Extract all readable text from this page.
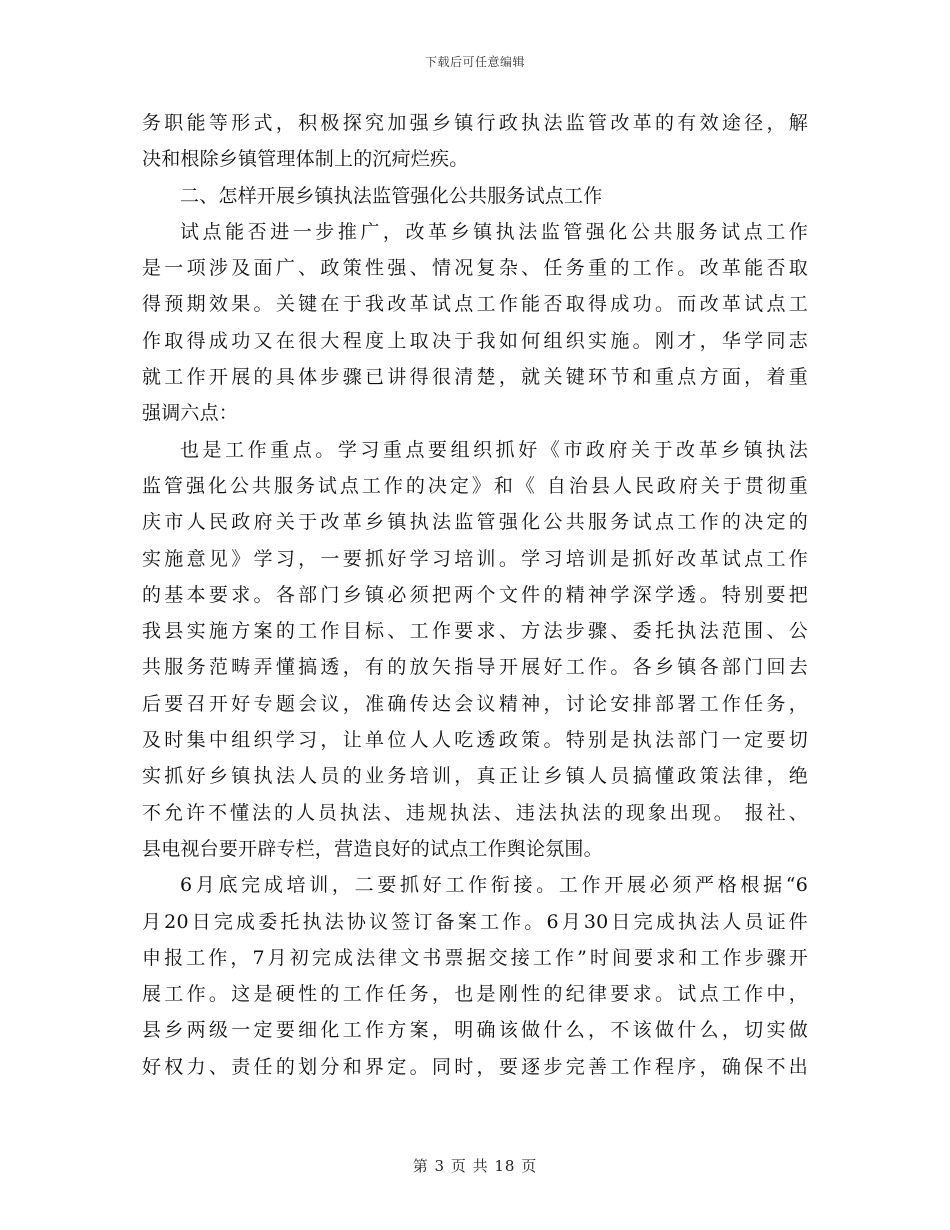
下载后可任意编辑
务职能等形式，积极探究加强乡镇行政执法监管改革的有效途径，解
决和根除乡镇管理体制上的沉疴烂疾。
二、怎样开展乡镇执法监管强化公共服务试点工作
试点能否进一步推广，改革乡镇执法监管强化公共服务试点工作
是一项涉及面广、政策性强、情况复杂、任务重的工作。改革能否取
得预期效果。关键在于我改革试点工作能否取得成功。而改革试点工
作取得成功又在很大程度上取决于我如何组织实施。刚才，华学同志
就工作开展的具体步骤已讲得很清楚，就关键环节和重点方面，着重
强调六点：
也是工作重点。学习重点要组织抓好《市政府关于改革乡镇执法
监管强化公共服务试点工作的决定》和《 自治县人民政府关于贯彻重
庆市人民政府关于改革乡镇执法监管强化公共服务试点工作的决定的
实施意见》学习，一要抓好学习培训。学习培训是抓好改革试点工作
的基本要求。各部门乡镇必须把两个文件的精神学深学透。特别要把
我县实施方案的工作目标、工作要求、方法步骤、委托执法范围、公
共服务范畴弄懂搞透，有的放矢指导开展好工作。各乡镇各部门回去
后要召开好专题会议，准确传达会议精神，讨论安排部署工作任务，
及时集中组织学习，让单位人人吃透政策。特别是执法部门一定要切
实抓好乡镇执法人员的业务培训，真正让乡镇人员搞懂政策法律，绝
不允许不懂法的人员执法、违规执法、违法执法的现象出现。 报社、
县电视台要开辟专栏，营造良好的试点工作舆论氛围。
6月底完成培训，二要抓好工作衔接。工作开展必须严格根据“6
月20日完成委托执法协议签订备案工作。6月30日完成执法人员证件
申报工作，7月初完成法律文书票据交接工作”时间要求和工作步骤开
展工作。这是硬性的工作任务，也是刚性的纪律要求。试点工作中，
县乡两级一定要细化工作方案，明确该做什么，不该做什么，切实做
好权力、责任的划分和界定。同时，要逐步完善工作程序，确保不出
第 3 页 共 18 页
